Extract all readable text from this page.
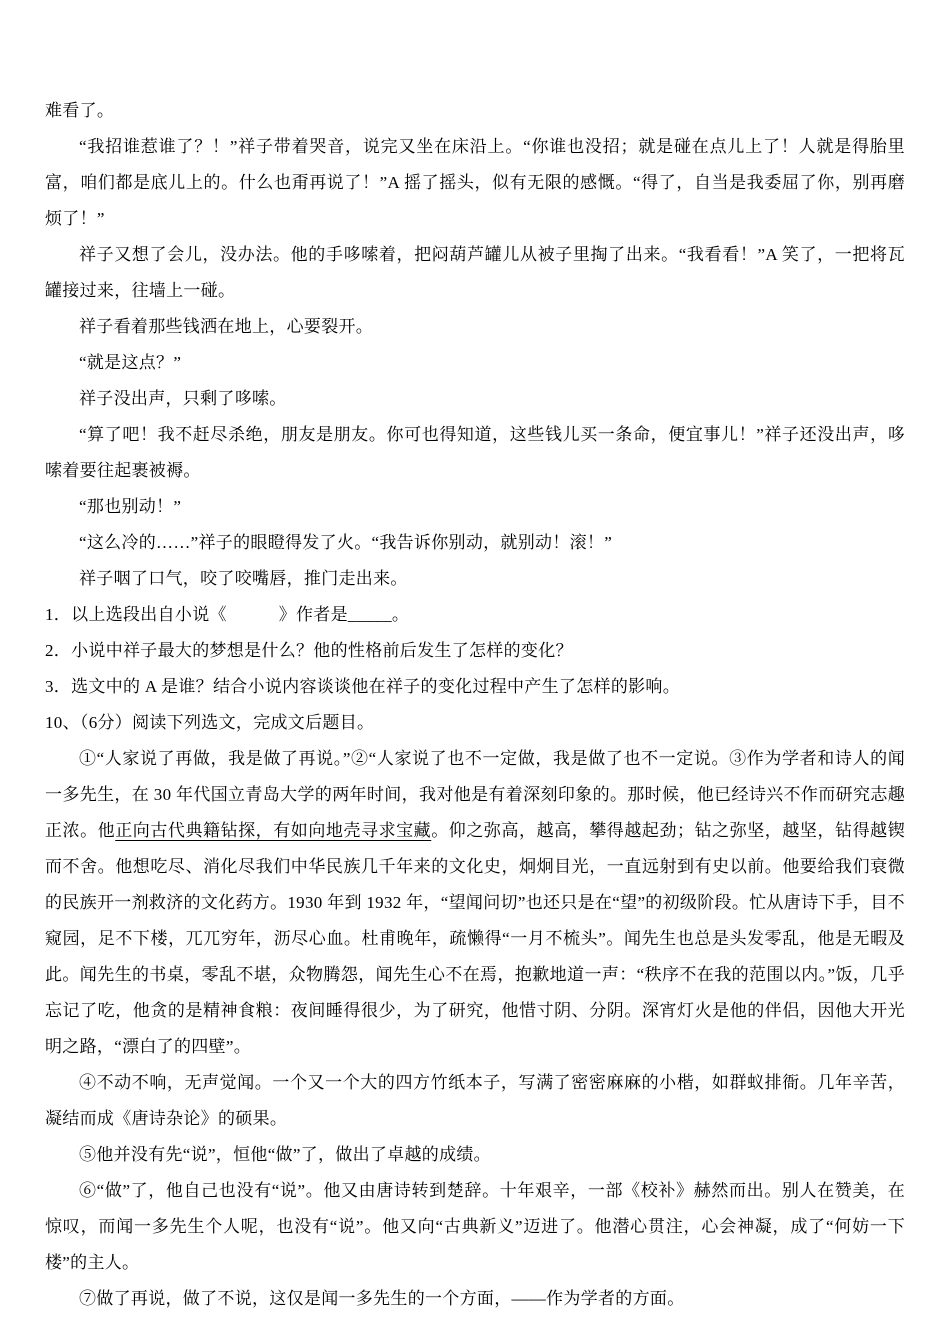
难看了。

“我招谁惹谁了？！”祥子带着哭音，说完又坐在床沿上。“你谁也没招；就是碰在点儿上了！人就是得胎里富，咱们都是底儿上的。什么也甭再说了！”A 摇了摇头，似有无限的感慨。“得了，自当是我委屈了你，别再磨烦了！”

祥子又想了会儿，没办法。他的手哆嗦着，把闷葫芦罐儿从被子里掏了出来。“我看看！”A 笑了，一把将瓦罐接过来，往墙上一碰。

祥子看着那些钱洒在地上，心要裂开。

“就是这点？”

祥子没出声，只剩了哆嗦。

“算了吧！我不赶尽杀绝，朋友是朋友。你可也得知道，这些钱儿买一条命，便宜事儿！”祥子还没出声，哆嗦着要往起裹被褥。

“那也别动！”

“这么冷的……”祥子的眼瞪得发了火。“我告诉你别动，就别动！滚！”

祥子咽了口气，咬了咬嘴唇，推门走出来。

1．以上选段出自小说《　　　》作者是_____。

2．小说中祥子最大的梦想是什么？他的性格前后发生了怎样的变化？

3．选文中的 A 是谁？结合小说内容谈谈他在祥子的变化过程中产生了怎样的影响。

10、（6分）阅读下列选文，完成文后题目。

①“人家说了再做，我是做了再说。”②“人家说了也不一定做，我是做了也不一定说。③作为学者和诗人的闻一多先生，在 30 年代国立青岛大学的两年时间，我对他是有着深刻印象的。那时候，他已经诗兴不作而研究志趣正浓。他正向古代典籍钻探，有如向地壳寻求宝藏。仰之弥高，越高，攀得越起劲；钻之弥坚，越坚，钻得越锲而不舍。他想吃尽、消化尽我们中华民族几千年来的文化史，炯炯目光，一直远射到有史以前。他要给我们衰微的民族开一剂救济的文化药方。1930 年到 1932 年，“望闻问切”也还只是在“望”的初级阶段。忙从唐诗下手，目不窥园，足不下楼，兀兀穷年，沥尽心血。杜甫晚年，疏懒得“一月不梳头”。闻先生也总是头发零乱，他是无暇及此。闻先生的书桌，零乱不堪，众物腾怨，闻先生心不在焉，抱歉地道一声：“秩序不在我的范围以内。”饭，几乎忘记了吃，他贪的是精神食粮：夜间睡得很少，为了研究，他惜寸阴、分阴。深宵灯火是他的伴侣，因他大开光明之路，“漂白了的四壁”。

④不动不响，无声觉闻。一个又一个大的四方竹纸本子，写满了密密麻麻的小楷，如群蚁排衙。几年辛苦，凝结而成《唐诗杂论》的硕果。

⑤他并没有先“说”，恒他“做”了，做出了卓越的成绩。

⑥“做”了，他自己也没有“说”。他又由唐诗转到楚辞。十年艰辛，一部《校补》赫然而出。别人在赞美，在惊叹，而闻一多先生个人呢，也没有“说”。他又向“古典新义”迈进了。他潜心贯注，心会神凝，成了“何妨一下楼”的主人。

⑦做了再说，做了不说，这仅是闻一多先生的一个方面，——作为学者的方面。
